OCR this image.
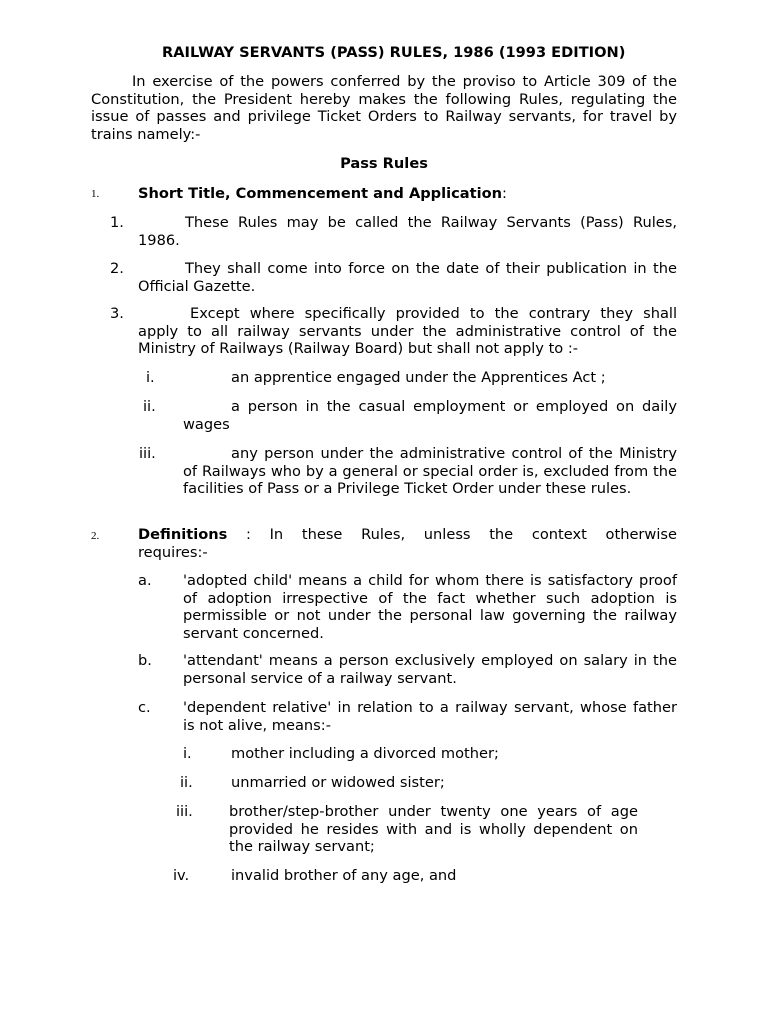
RAILWAY SERVANTS (PASS) RULES, 1986 (1993 EDITION)

In exercise of the powers conferred by the proviso to Article 309 of the Constitution, the President hereby makes the following Rules, regulating the issue of passes and privilege Ticket Orders to Railway servants, for travel by trains namely:-

Pass Rules
1.	Short Title, Commencement and Application:
1.	These Rules may be called the Railway Servants (Pass) Rules, 1986.

2.	They shall come into force on the date of their publication in the Official Gazette.

3.	Except where specifically provided to the contrary they shall apply to all railway servants under the administrative control of the Ministry of Railways (Railway Board) but shall not apply to :-

i.	an apprentice engaged under the Apprentices Act ;

ii.	a person in the casual employment or employed on daily wages

iii.	any person under the administrative control of the Ministry of Railways who by a general or special order is, excluded from the facilities of Pass or a Privilege Ticket Order under these rules.

2.	Definitions : In these Rules, unless the context otherwise requires:-

a. 'adopted child' means a child for whom there is satisfactory proof of adoption irrespective of the fact whether such adoption is permissible or not under the personal law governing the railway servant concerned.

b. 'attendant' means a person exclusively employed on salary in the personal service of a railway servant.

c. 'dependent relative' in relation to a railway servant, whose father is not alive, means:-

i.	mother including a divorced mother;

ii.	unmarried or widowed sister;

iii. brother/step-brother under twenty one years of age provided he resides with and is wholly dependent on the railway servant;

iv.	invalid brother of any age, and
